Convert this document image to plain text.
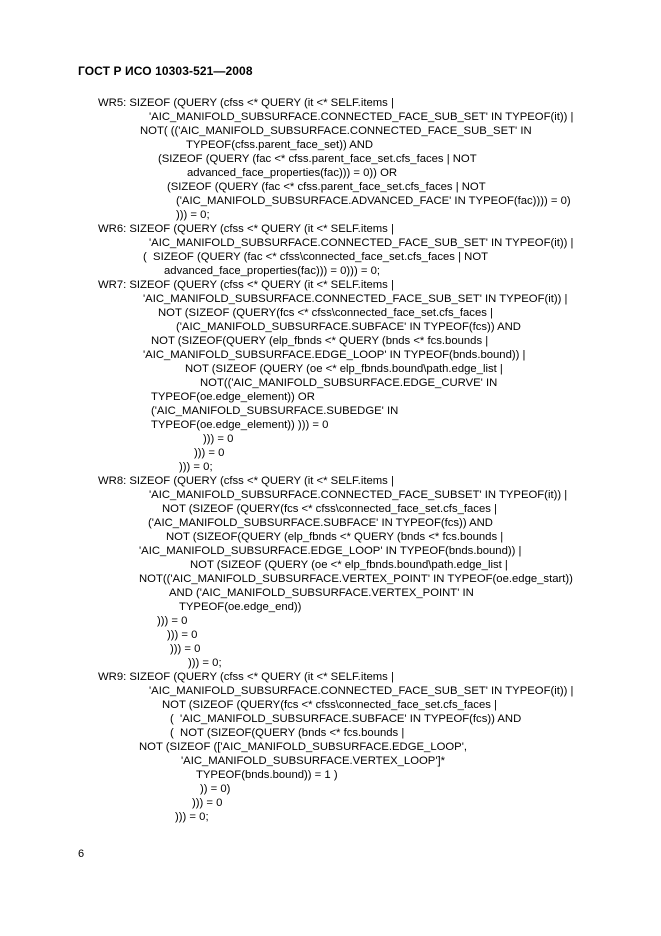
ГОСТ Р ИСО 10303-521—2008
WR5: SIZEOF (QUERY (cfss <* QUERY (it <* SELF.items |
'AIC_MANIFOLD_SUBSURFACE.CONNECTED_FACE_SUB_SET' IN TYPEOF(it)) |
NOT( (('AIC_MANIFOLD_SUBSURFACE.CONNECTED_FACE_SUB_SET' IN
TYPEOF(cfss.parent_face_set)) AND
(SIZEOF (QUERY (fac <* cfss.parent_face_set.cfs_faces | NOT
advanced_face_properties(fac))) = 0)) OR
(SIZEOF (QUERY (fac <* cfss.parent_face_set.cfs_faces | NOT
('AIC_MANIFOLD_SUBSURFACE.ADVANCED_FACE' IN TYPEOF(fac)))) = 0)
))) = 0;
WR6: SIZEOF (QUERY (cfss <* QUERY (it <* SELF.items |
'AIC_MANIFOLD_SUBSURFACE.CONNECTED_FACE_SUB_SET' IN TYPEOF(it)) |
(  SIZEOF (QUERY (fac <* cfss\connected_face_set.cfs_faces | NOT
advanced_face_properties(fac))) = 0))) = 0;
WR7: SIZEOF (QUERY (cfss <* QUERY (it <* SELF.items |
'AIC_MANIFOLD_SUBSURFACE.CONNECTED_FACE_SUB_SET' IN TYPEOF(it)) |
NOT (SIZEOF (QUERY(fcs <* cfss\connected_face_set.cfs_faces |
('AIC_MANIFOLD_SUBSURFACE.SUBFACE' IN TYPEOF(fcs)) AND
NOT (SIZEOF(QUERY (elp_fbnds <* QUERY (bnds <* fcs.bounds |
'AIC_MANIFOLD_SUBSURFACE.EDGE_LOOP' IN TYPEOF(bnds.bound)) |
NOT (SIZEOF (QUERY (oe <* elp_fbnds.bound\path.edge_list |
NOT(('AIC_MANIFOLD_SUBSURFACE.EDGE_CURVE' IN
TYPEOF(oe.edge_element)) OR
('AIC_MANIFOLD_SUBSURFACE.SUBEDGE' IN
TYPEOF(oe.edge_element)) ))) = 0
))) = 0
))) = 0
))) = 0;
WR8: SIZEOF (QUERY (cfss <* QUERY (it <* SELF.items |
'AIC_MANIFOLD_SUBSURFACE.CONNECTED_FACE_SUBSET' IN TYPEOF(it)) |
NOT (SIZEOF (QUERY(fcs <* cfss\connected_face_set.cfs_faces |
('AIC_MANIFOLD_SUBSURFACE.SUBFACE' IN TYPEOF(fcs)) AND
NOT (SIZEOF(QUERY (elp_fbnds <* QUERY (bnds <* fcs.bounds |
'AIC_MANIFOLD_SUBSURFACE.EDGE_LOOP' IN TYPEOF(bnds.bound)) |
NOT (SIZEOF (QUERY (oe <* elp_fbnds.bound\path.edge_list |
NOT(('AIC_MANIFOLD_SUBSURFACE.VERTEX_POINT' IN TYPEOF(oe.edge_start))
AND ('AIC_MANIFOLD_SUBSURFACE.VERTEX_POINT' IN
TYPEOF(oe.edge_end))
))) = 0
))) = 0
))) = 0
))) = 0;
WR9: SIZEOF (QUERY (cfss <* QUERY (it <* SELF.items |
'AIC_MANIFOLD_SUBSURFACE.CONNECTED_FACE_SUB_SET' IN TYPEOF(it)) |
NOT (SIZEOF (QUERY(fcs <* cfss\connected_face_set.cfs_faces |
(  'AIC_MANIFOLD_SUBSURFACE.SUBFACE' IN TYPEOF(fcs)) AND
(  NOT (SIZEOF(QUERY (bnds <* fcs.bounds |
NOT (SIZEOF (['AIC_MANIFOLD_SUBSURFACE.EDGE_LOOP',
'AIC_MANIFOLD_SUBSURFACE.VERTEX_LOOP']*
TYPEOF(bnds.bound)) = 1 )
)) = 0)
))) = 0
))) = 0;
6
